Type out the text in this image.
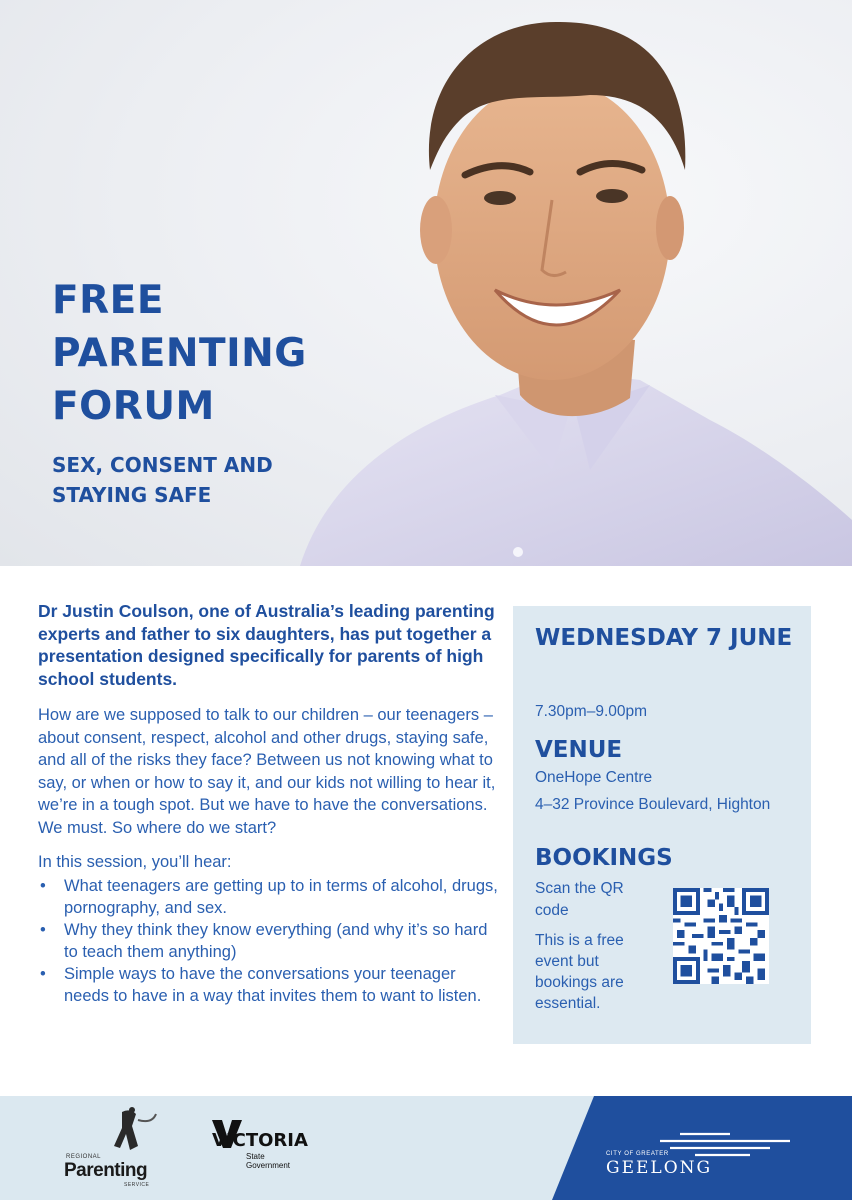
FREE
PARENTING
FORUM
SEX, CONSENT AND
STAYING SAFE

Dr Justin Coulson, one of Australia’s leading parenting experts and father to six daughters, has put together a presentation designed specifically for parents of high school students.

How are we supposed to talk to our children – our teenagers – about consent, respect, alcohol and other drugs, staying safe, and all of the risks they face? Between us not knowing what to say, or when or how to say it, and our kids not willing to hear it, we’re in a tough spot. But we have to have the conversations. We must. So where do we start?

In this session, you’ll hear:

• What teenagers are getting up to in terms of alcohol, drugs, pornography, and sex.
• Why they think they know everything (and why it’s so hard to teach them anything)
• Simple ways to have the conversations your teenager needs to have in a way that invites them to want to listen.
WEDNESDAY 7 JUNE
7.30pm–9.00pm
VENUE
OneHope Centre
4–32 Province Boulevard, Highton
BOOKINGS
Scan the QR code
This is a free event but bookings are essential.
REGIONAL
Parenting
SERVICE
VICTORIA
State
Government
CITY OF GREATER
GEELONG
